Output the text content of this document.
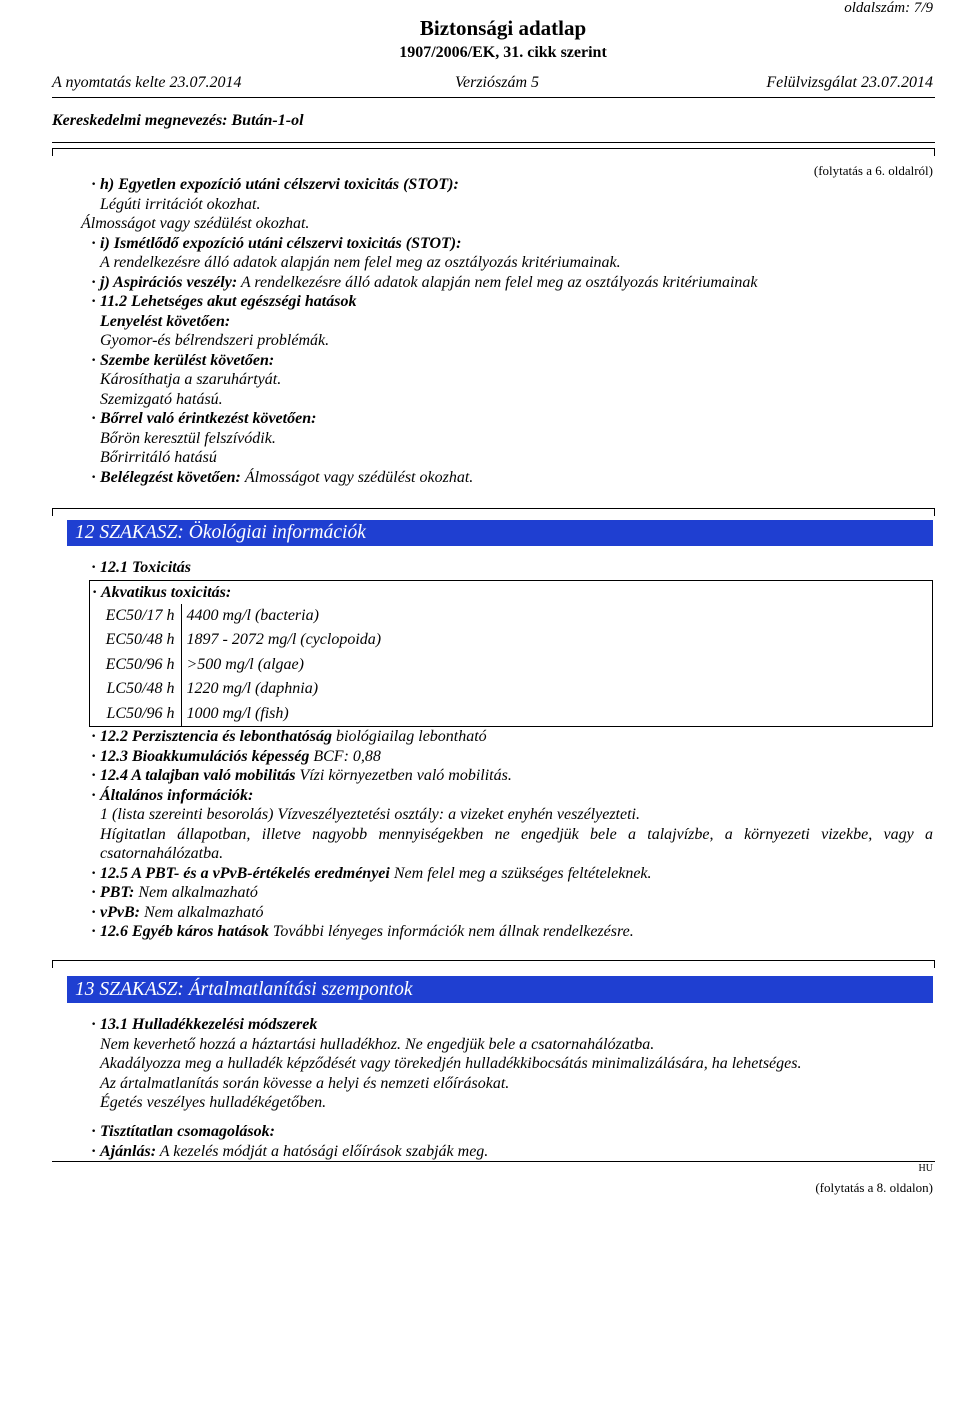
oldalszám: 7/9
Biztonsági adatlap
1907/2006/EK, 31. cikk szerint
A nyomtatás kelte 23.07.2014	Verziószám 5	Felülvizsgálat 23.07.2014
Kereskedelmi megnevezés: Bután-1-ol
(folytatás a 6. oldalról)
· h) Egyetlen expozíció utáni célszervi toxicitás (STOT):
Légúti irritációt okozhat.
Álmosságot vagy szédülést okozhat.
· i) Ismétlődő expozíció utáni célszervi toxicitás (STOT):
A rendelkezésre álló adatok alapján nem felel meg az osztályozás kritériumainak.
· j) Aspirációs veszély: A rendelkezésre álló adatok alapján nem felel meg az osztályozás kritériumainak
· 11.2 Lehetséges akut egészségi hatások
Lenyelést követően:
Gyomor-és bélrendszeri problémák.
· Szembe kerülést követően:
Károsíthatja a szaruhártyát.
Szemizgató hatású.
· Bőrrel való érintkezést követően:
Bőrön keresztül felszívódik.
Bőrirritáló hatású
· Belélegzést követően: Álmosságot vagy szédülést okozhat.
12 SZAKASZ: Ökológiai információk
· 12.1 Toxicitás
· Akvatikus toxicitás:
EC50/17 h	4400 mg/l (bacteria)
EC50/48 h	1897 - 2072 mg/l (cyclopoida)
EC50/96 h	>500 mg/l (algae)
LC50/48 h	1220 mg/l (daphnia)
LC50/96 h	1000 mg/l (fish)
· 12.2 Perzisztencia és lebonthatóság biológiailag lebontható
· 12.3 Bioakkumulációs képesség BCF: 0,88
· 12.4 A talajban való mobilitás Vízi környezetben való mobilitás.
· Általános információk:
1 (lista szereinti besorolás) Vízveszélyeztetési osztály: a vizeket enyhén veszélyezteti.
Hígitatlan állapotban, illetve nagyobb mennyiségekben ne engedjük bele a talajvízbe, a környezeti vizekbe, vagy a csatornahálózatba.
· 12.5 A PBT- és a vPvB-értékelés eredményei Nem felel meg a szükséges feltételeknek.
· PBT: Nem alkalmazható
· vPvB: Nem alkalmazható
· 12.6 Egyéb káros hatások További lényeges információk nem állnak rendelkezésre.
13 SZAKASZ: Ártalmatlanítási szempontok
· 13.1 Hulladékkezelési módszerek
Nem keverhető hozzá a háztartási hulladékhoz. Ne engedjük bele a csatornahálózatba.
Akadályozza meg a hulladék képződését vagy törekedjén hulladékkibocsátás minimalizálására, ha lehetséges.
Az ártalmatlanítás során kövesse a helyi és nemzeti előírásokat.
Égetés veszélyes hulladékégetőben.
· Tisztítatlan csomagolások:
· Ajánlás: A kezelés módját a hatósági előírások szabják meg.
HU
(folytatás a 8. oldalon)
